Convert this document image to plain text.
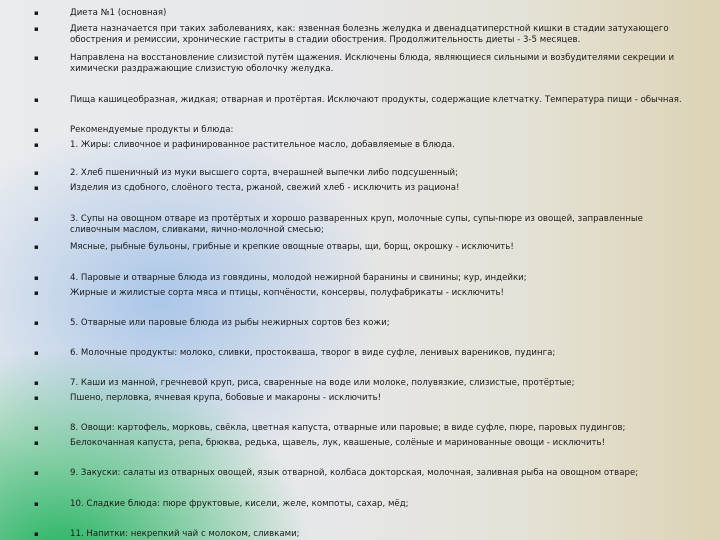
▪	Диета №1 (основная)
▪	Диета назначается при таких заболеваниях, как: язвенная болезнь желудка и двенадцатиперстной кишки в стадии затухающего обострения и ремиссии, хронические гастриты в стадии обострения. Продолжительность диеты - 3-5 месяцев.
▪	Направлена на восстановление слизистой путём щажения. Исключены блюда, являющиеся сильными и возбудителями секреции и химически раздражающие слизистую оболочку желудка.
▪	Пища кашицеобразная, жидкая; отварная и протёртая. Исключают продукты, содержащие клетчатку. Температура пищи - обычная.
▪	Рекомендуемые продукты и блюда:
▪	1. Жиры: сливочное и рафинированное растительное масло, добавляемые в блюда.
▪	2. Хлеб пшеничный из муки высшего сорта, вчерашней выпечки либо подсушенный;
▪	Изделия из сдобного, слоёного теста, ржаной, свежий хлеб - исключить из рациона!
▪	3. Супы на овощном отваре из протёртых и хорошо разваренных круп, молочные супы, супы-пюре из овощей, заправленные сливочным маслом, сливками, яично-молочной смесью;
▪	Мясные, рыбные бульоны, грибные и крепкие овощные отвары, щи, борщ, окрошку - исключить!
▪	4. Паровые и отварные блюда из говядины, молодой нежирной баранины и свинины; кур, индейки;
▪	Жирные и жилистые сорта мяса и птицы, копчёности, консервы, полуфабрикаты - исключить!
▪	5. Отварные или паровые блюда из рыбы нежирных сортов без кожи;
▪	6. Молочные продукты: молоко, сливки, простокваша, творог в виде суфле, ленивых вареников, пудинга;
▪	7. Каши из манной, гречневой круп, риса, сваренные на воде или молоке, полувязкие, слизистые, протёртые;
▪	Пшено, перловка, ячневая крупа, бобовые и макароны - исключить!
▪	8. Овощи: картофель, морковь, свёкла, цветная капуста, отварные или паровые; в виде суфле, пюре, паровых пудингов;
▪	Белокочанная капуста, репа, брюква, редька, щавель, лук, квашеные, солёные и маринованные овощи - исключить!
▪	9. Закуски: салаты из отварных овощей, язык отварной, колбаса докторская, молочная, заливная рыба на овощном отваре;
▪	10. Сладкие блюда: пюре фруктовые, кисели, желе, компоты, сахар, мёд;
▪	11. Напитки: некрепкий чай с молоком, сливками;
